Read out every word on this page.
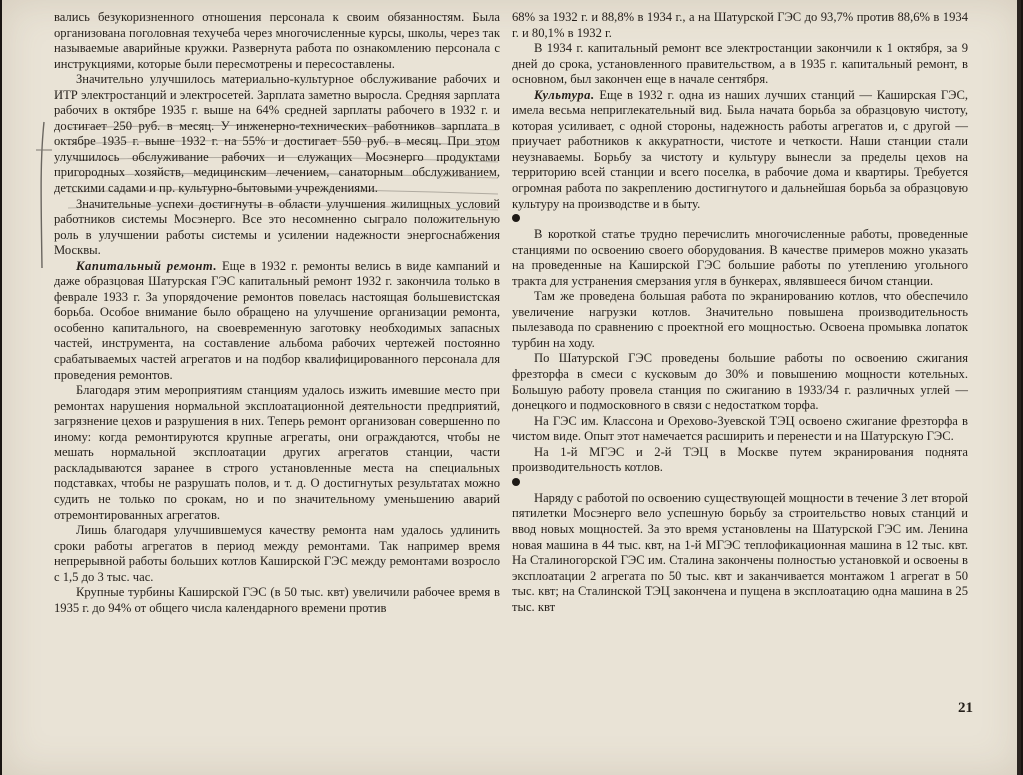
вались безукоризненного отношения персонала к своим обязанностям. Была организована поголовная техучеба через многочисленные курсы, школы, через так называемые аварийные кружки. Развернута работа по ознакомлению персонала с инструкциями, которые были пересмотрены и пересоставлены.

Значительно улучшилось материально-культурное обслуживание рабочих и ИТР электростанций и электросетей. Зарплата заметно выросла. Средняя зарплата рабочих в октябре 1935 г. выше на 64% средней зарплаты рабочего в 1932 г. и достигает 250 руб. в месяц. У инженерно-технических работников зарплата в октябре 1935 г. выше 1932 г. на 55% и достигает 550 руб. в месяц. При этом улучшилось обслуживание рабочих и служащих Мосэнерго продуктами пригородных хозяйств, медицинским лечением, санаторным обслуживанием, детскими садами и пр. культурно-бытовыми учреждениями.

Значительные успехи достигнуты в области улучшения жилищных условий работников системы Мосэнерго. Все это несомненно сыграло положительную роль в улучшении работы системы и усилении надежности энергоснабжения Москвы.

Капитальный ремонт. Еще в 1932 г. ремонты велись в виде кампаний и даже образцовая Шатурская ГЭС капитальный ремонт 1932 г. закончила только в феврале 1933 г. За упорядочение ремонтов повелась настоящая большевистская борьба. Особое внимание было обращено на улучшение организации ремонта, особенно капитального, на своевременную заготовку необходимых запасных частей, инструмента, на составление альбома рабочих чертежей постоянно срабатываемых частей агрегатов и на подбор квалифицированного персонала для проведения ремонтов.

Благодаря этим мероприятиям станциям удалось изжить имевшие место при ремонтах нарушения нормальной эксплоатационной деятельности предприятий, загрязнение цехов и разрушения в них. Теперь ремонт организован совершенно по иному: когда ремонтируются крупные агрегаты, они ограждаются, чтобы не мешать нормальной эксплоатации других агрегатов станции, части раскладываются заранее в строго установленные места на специальных подставках, чтобы не разрушать полов, и т. д. О достигнутых результатах можно судить не только по срокам, но и по значительному уменьшению аварий отремонтированных агрегатов.

Лишь благодаря улучшившемуся качеству ремонта нам удалось удлинить сроки работы агрегатов в период между ремонтами. Так например время непрерывной работы больших котлов Каширской ГЭС между ремонтами возросло с 1,5 до 3 тыс. час.

Крупные турбины Каширской ГЭС (в 50 тыс. квт) увеличили рабочее время в 1935 г. до 94% от общего числа календарного времени против

68% за 1932 г. и 88,8% в 1934 г., а на Шатурской ГЭС до 93,7% против 88,6% в 1934 г. и 80,1% в 1932 г.

В 1934 г. капитальный ремонт все электростанции закончили к 1 октября, за 9 дней до срока, установленного правительством, а в 1935 г. капитальный ремонт, в основном, был закончен еще в начале сентября.

Культура. Еще в 1932 г. одна из наших лучших станций — Каширская ГЭС, имела весьма неприглекательный вид. Была начата борьба за образцовую чистоту, которая усиливает, с одной стороны, надежность работы агрегатов и, с другой — приучает работников к аккуратности, чистоте и четкости. Наши станции стали неузнаваемы. Борьбу за чистоту и культуру вынесли за пределы цехов на территорию всей станции и всего поселка, в рабочие дома и квартиры. Требуется огромная работа по закреплению достигнутого и дальнейшая борьба за образцовую культуру на производстве и в быту.

В короткой статье трудно перечислить многочисленные работы, проведенные станциями по освоению своего оборудования. В качестве примеров можно указать на проведенные на Каширской ГЭС большие работы по утеплению угольного тракта для устранения смерзания угля в бункерах, являвшееся бичом станции.

Там же проведена большая работа по экранированию котлов, что обеспечило увеличение нагрузки котлов. Значительно повышена производительность пылезавода по сравнению с проектной его мощностью. Освоена промывка лопаток турбин на ходу.

По Шатурской ГЭС проведены большие работы по освоению сжигания фрезторфа в смеси с кусковым до 30% и повышению мощности котельных. Большую работу провела станция по сжиганию в 1933/34 г. различных углей — донецкого и подмосковного в связи с недостатком торфа.

На ГЭС им. Классона и Орехово-Зуевской ТЭЦ освоено сжигание фрезторфа в чистом виде. Опыт этот намечается расширить и перенести и на Шатурскую ГЭС.

На 1-й МГЭС и 2-й ТЭЦ в Москве путем экранирования поднята производительность котлов.

Наряду с работой по освоению существующей мощности в течение 3 лет второй пятилетки Мосэнерго вело успешную борьбу за строительство новых станций и ввод новых мощностей. За это время установлены на Шатурской ГЭС им. Ленина новая машина в 44 тыс. квт, на 1-й МГЭС теплофикационная машина в 12 тыс. квт. На Сталиногорской ГЭС им. Сталина закончены полностью установкой и освоены в эксплоатации 2 агрегата по 50 тыс. квт и заканчивается монтажом 1 агрегат в 50 тыс. квт; на Сталинской ТЭЦ закончена и пущена в эксплоатацию одна машина в 25 тыс. квт

21
